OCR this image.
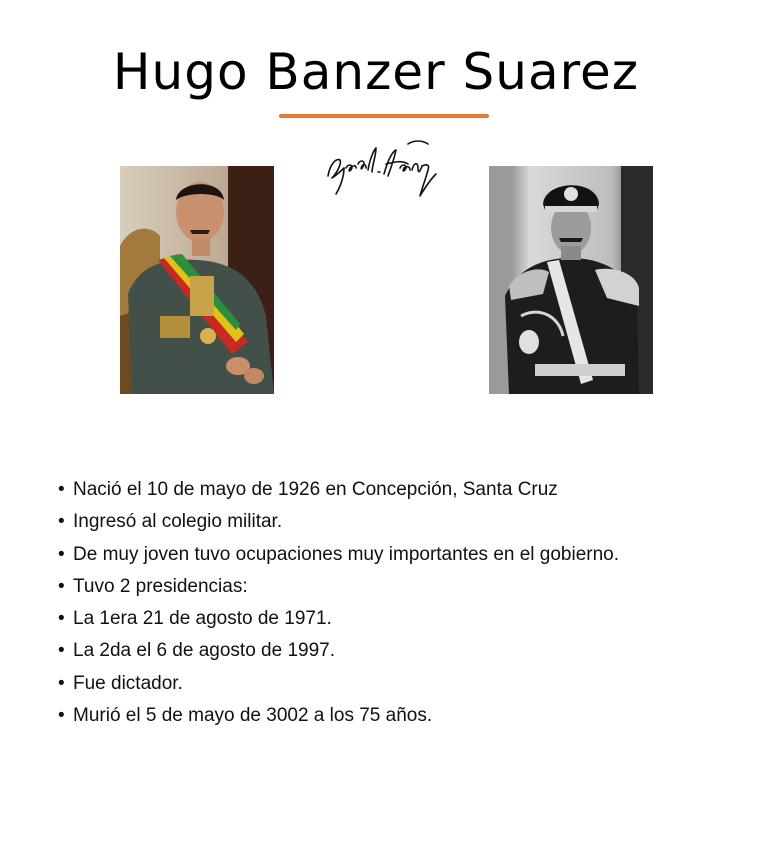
Hugo Banzer Suarez
• Nació el 10 de mayo de 1926 en Concepción, Santa Cruz
• Ingresó al colegio militar.
• De muy joven tuvo ocupaciones muy importantes en el gobierno.
• Tuvo 2 presidencias:
• La 1era 21 de agosto de 1971.
• La 2da el 6 de agosto de 1997.
• Fue dictador.
• Murió el 5 de mayo de 3002 a los 75 años.
